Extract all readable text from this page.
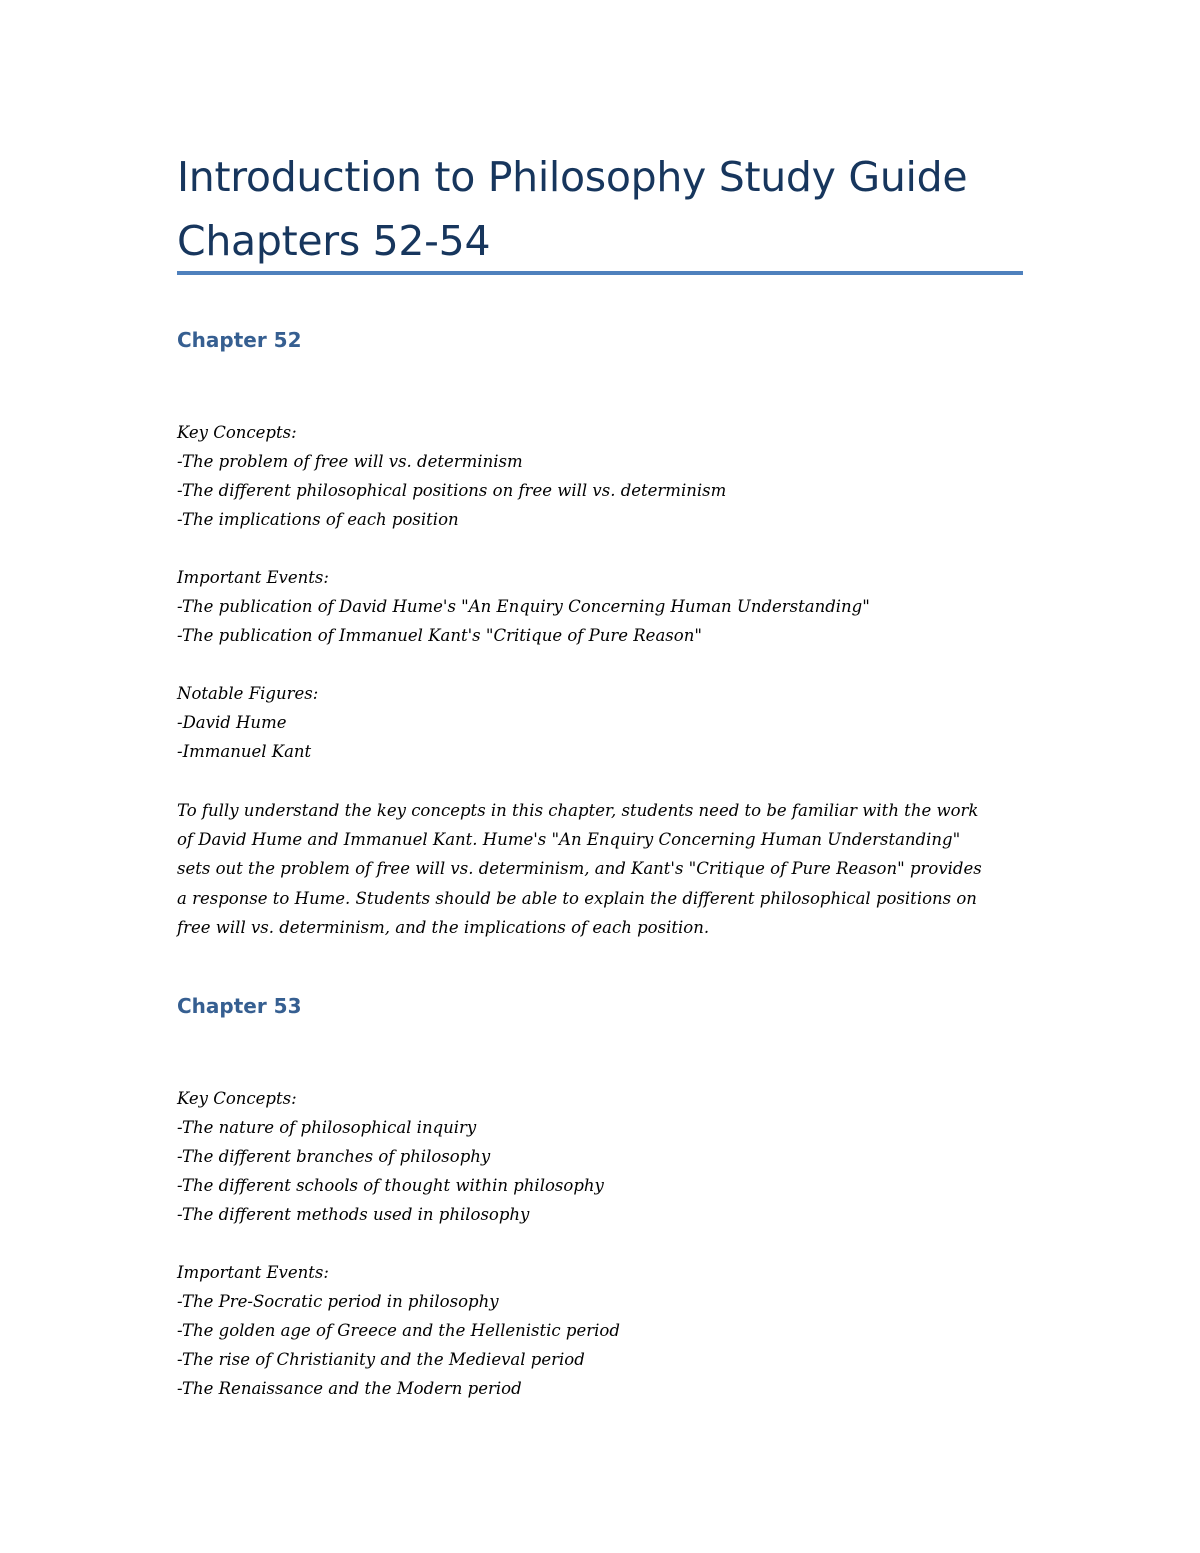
Introduction to Philosophy Study Guide
Chapters 52-54
Chapter 52

Key Concepts:

-The problem of free will vs. determinism

-The different philosophical positions on free will vs. determinism

-The implications of each position

Important Events:

-The publication of David Hume's "An Enquiry Concerning Human Understanding"

-The publication of Immanuel Kant's "Critique of Pure Reason"

Notable Figures:

-David Hume

-Immanuel Kant

To fully understand the key concepts in this chapter, students need to be familiar with the work
of David Hume and Immanuel Kant. Hume's "An Enquiry Concerning Human Understanding"
sets out the problem of free will vs. determinism, and Kant's "Critique of Pure Reason" provides
a response to Hume. Students should be able to explain the different philosophical positions on
free will vs. determinism, and the implications of each position.
Chapter 53

Key Concepts:

-The nature of philosophical inquiry

-The different branches of philosophy

-The different schools of thought within philosophy

-The different methods used in philosophy

Important Events:

-The Pre-Socratic period in philosophy

-The golden age of Greece and the Hellenistic period

-The rise of Christianity and the Medieval period

-The Renaissance and the Modern period
